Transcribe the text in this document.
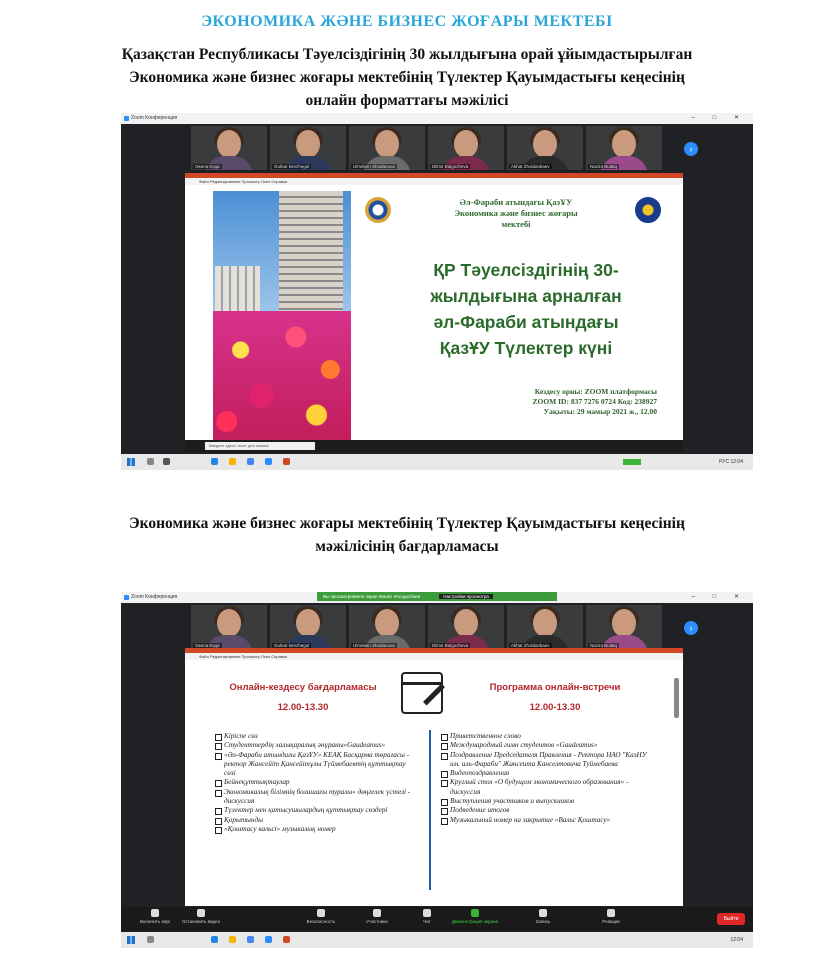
ЭКОНОМИКА ЖӘНЕ БИЗНЕС ЖОҒАРЫ МЕКТЕБІ
Қазақстан Республикасы Тәуелсіздігінің 30 жылдығына орай ұйымдастырылған
Экономика және бизнес жоғары мектебінің Түлектер Қауымдастығы кеңесінің
онлайн форматтағы мәжілісі
Zoom Конференция	– □ ✕
Окила Кода	Gulnar kenzhegul	Ulmeken Shodanova	Dilmir Balgozheva	Akhat Zholdasbaev	Nazira Bulatq
›
Файл Редактирование Просмотр Окно Справка
Әл-Фараби атындағы ҚазҰУ
Экономика және бизнес жоғары
мектебі
ҚР Тәуелсіздігінің 30-
жылдығына арналған
әл-Фараби атындағы
ҚазҰУ Түлектер күні
Кездесу орны: ZOOM платформасы
ZOOM ID: 837 7276 0724 Код: 238927
Уақыты: 29 мамыр 2021 ж., 12.00
Введите здесь текст для поиска
РУС 12:04
Экономика және бизнес жоғары мектебінің Түлектер Қауымдастығы кеңесінің
мәжілісінің бағдарламасы
Zoom Конференция	– □ ✕
Вы просматриваете экран Жанат Жолдасбаев	Настройки просмотра
Окила Кода	Gulnar kenzhegul	Ulmeken Shodanova	Dilmir Balgozheva	Akhat Zholdasbaev	Nazira Bulatq
›
Файл Редактирование Просмотр Окно Справка
Онлайн-кездесу бағдарламасы
12.00-13.30
Программа онлайн-встречи
12.00-13.30
Кіріспе сөз
Студенттердің халықаралық әнұраны«Gaudeamus»
«Әл-Фараби атындағы ҚазҰУ» КЕАҚ Басқарма төрағасы - ректор Жансейіт Қансейітұлы Түймебаевтің құттықтау сөзі
Бейнеқұттықтаулар
Экономикалық білімнің болашағы туралы» дөңгелек үстелі - дискуссия
Түлектер мен қатысушылардың құттықтау сөздері
Қорытынды
«Қоштасу вальсі» музыкалық номер
Приветственное слово
Международный гимн студентов «Gaudeamus»
Поздравление Председателя Правления - Ректора НАО "КазНУ им. аль-Фараби" Жансеита Канселтовича Туймебаева
Видеопоздравления
Круглый стол «О будущем экономического образования» - дискуссия
Выступления участников и выпускников
Подведение итогов
Музыкальный номер на закрытие «Вальс Қоштасу»
Включить звук	Остановить видео	Безопасность	Участники	Чат	Демонстрация экрана	Запись	Реакции	Выйти
12:04
